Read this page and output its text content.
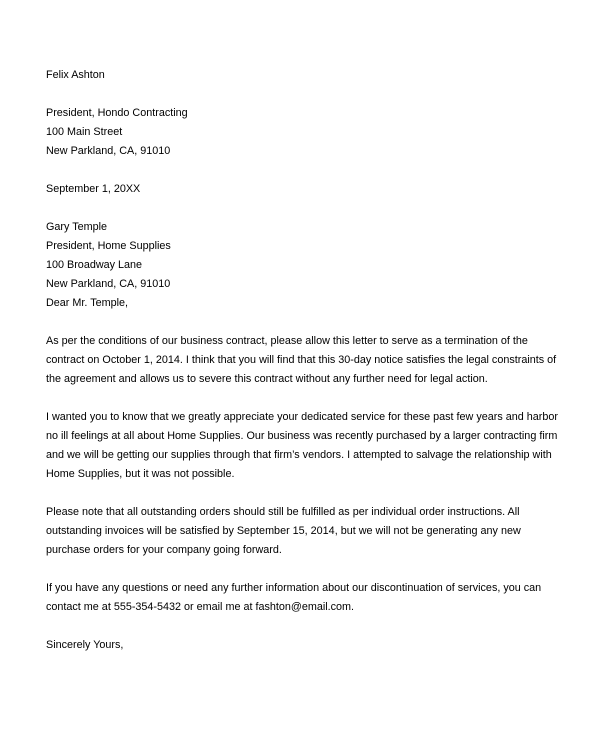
Felix Ashton
President, Hondo Contracting
100 Main Street
New Parkland, CA, 91010
September 1, 20XX
Gary Temple
President, Home Supplies
100 Broadway Lane
New Parkland, CA, 91010
Dear Mr. Temple,
As per the conditions of our business contract, please allow this letter to serve as a termination of the
contract on October 1, 2014. I think that you will find that this 30-day notice satisfies the legal constraints of
the agreement and allows us to severe this contract without any further need for legal action.
I wanted you to know that we greatly appreciate your dedicated service for these past few years and harbor
no ill feelings at all about Home Supplies. Our business was recently purchased by a larger contracting firm
and we will be getting our supplies through that firm’s vendors. I attempted to salvage the relationship with
Home Supplies, but it was not possible.
Please note that all outstanding orders should still be fulfilled as per individual order instructions. All
outstanding invoices will be satisfied by September 15, 2014, but we will not be generating any new
purchase orders for your company going forward.
If you have any questions or need any further information about our discontinuation of services, you can
contact me at 555-354-5432 or email me at fashton@email.com.
Sincerely Yours,
